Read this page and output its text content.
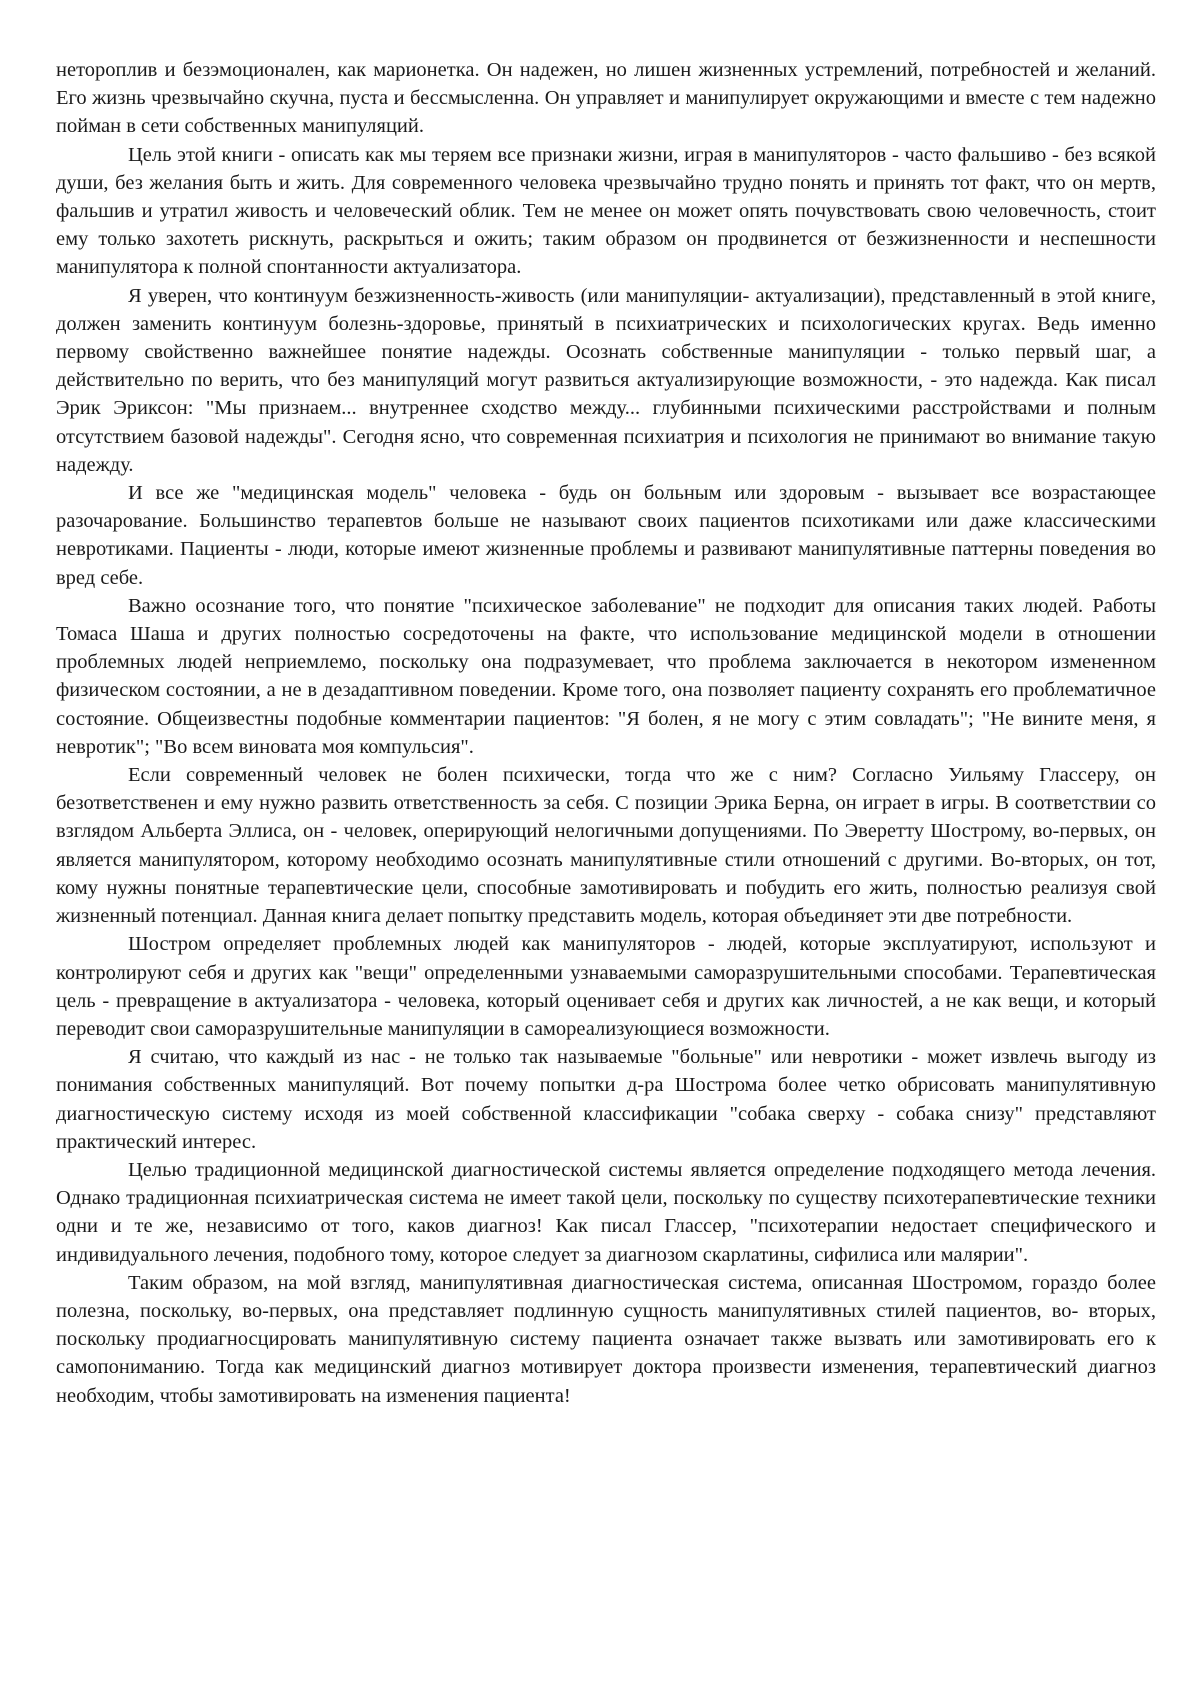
нетороплив и безэмоционален, как марионетка. Он надежен, но лишен жизненных устремлений, потребностей и желаний. Его жизнь чрезвычайно скучна, пуста и бессмысленна. Он управляет и манипулирует окружающими и вместе с тем надежно пойман в сети собственных манипуляций.

Цель этой книги - описать как мы теряем все признаки жизни, играя в манипуляторов - часто фальшиво - без всякой души, без желания быть и жить. Для современного человека чрезвычайно трудно понять и принять тот факт, что он мертв, фальшив и утратил живость и человеческий облик. Тем не менее он может опять почувствовать свою человечность, стоит ему только захотеть рискнуть, раскрыться и ожить; таким образом он продвинется от безжизненности и неспешности манипулятора к полной спонтанности актуализатора.

Я уверен, что континуум безжизненность-живость (или манипуляции- актуализации), представленный в этой книге, должен заменить континуум болезнь-здоровье, принятый в психиатрических и психологических кругах. Ведь именно первому свойственно важнейшее понятие надежды. Осознать собственные манипуляции - только первый шаг, а действительно по верить, что без манипуляций могут развиться актуализирующие возможности, - это надежда. Как писал Эрик Эриксон: "Мы признаем... внутреннее сходство между... глубинными психическими расстройствами и полным отсутствием базовой надежды". Сегодня ясно, что современная психиатрия и психология не принимают во внимание такую надежду.

И все же "медицинская модель" человека - будь он больным или здоровым - вызывает все возрастающее разочарование. Большинство терапевтов больше не называют своих пациентов психотиками или даже классическими невротиками. Пациенты - люди, которые имеют жизненные проблемы и развивают манипулятивные паттерны поведения во вред себе.

Важно осознание того, что понятие "психическое заболевание" не подходит для описания таких людей. Работы Томаса Шаша и других полностью сосредоточены на факте, что использование медицинской модели в отношении проблемных людей неприемлемо, поскольку она подразумевает, что проблема заключается в некотором измененном физическом состоянии, а не в дезадаптивном поведении. Кроме того, она позволяет пациенту сохранять его проблематичное состояние. Общеизвестны подобные комментарии пациентов: "Я болен, я не могу с этим совладать"; "Не вините меня, я невротик"; "Во всем виновата моя компульсия".

Если современный человек не болен психически, тогда что же с ним? Согласно Уильяму Глассеру, он безответственен и ему нужно развить ответственность за себя. С позиции Эрика Берна, он играет в игры. В соответствии со взглядом Альберта Эллиса, он - человек, оперирующий нелогичными допущениями. По Эверетту Шострому, во-первых, он является манипулятором, которому необходимо осознать манипулятивные стили отношений с другими. Во-вторых, он тот, кому нужны понятные терапевтические цели, способные замотивировать и побудить его жить, полностью реализуя свой жизненный потенциал. Данная книга делает попытку представить модель, которая объединяет эти две потребности.

Шостром определяет проблемных людей как манипуляторов - людей, которые эксплуатируют, используют и контролируют себя и других как "вещи" определенными узнаваемыми саморазрушительными способами. Терапевтическая цель - превращение в актуализатора - человека, который оценивает себя и других как личностей, а не как вещи, и который переводит свои саморазрушительные манипуляции в самореализующиеся возможности.

Я считаю, что каждый из нас - не только так называемые "больные" или невротики - может извлечь выгоду из понимания собственных манипуляций. Вот почему попытки д-ра Шострома более четко обрисовать манипулятивную диагностическую систему исходя из моей собственной классификации "собака сверху - собака снизу" представляют практический интерес.

Целью традиционной медицинской диагностической системы является определение подходящего метода лечения. Однако традиционная психиатрическая система не имеет такой цели, поскольку по существу психотерапевтические техники одни и те же, независимо от того, каков диагноз! Как писал Глассер, "психотерапии недостает специфического и индивидуального лечения, подобного тому, которое следует за диагнозом скарлатины, сифилиса или малярии".

Таким образом, на мой взгляд, манипулятивная диагностическая система, описанная Шостромом, гораздо более полезна, поскольку, во-первых, она представляет подлинную сущность манипулятивных стилей пациентов, во- вторых, поскольку продиагносцировать манипулятивную систему пациента означает также вызвать или замотивировать его к самопониманию. Тогда как медицинский диагноз мотивирует доктора произвести изменения, терапевтический диагноз необходим, чтобы замотивировать на изменения пациента!
